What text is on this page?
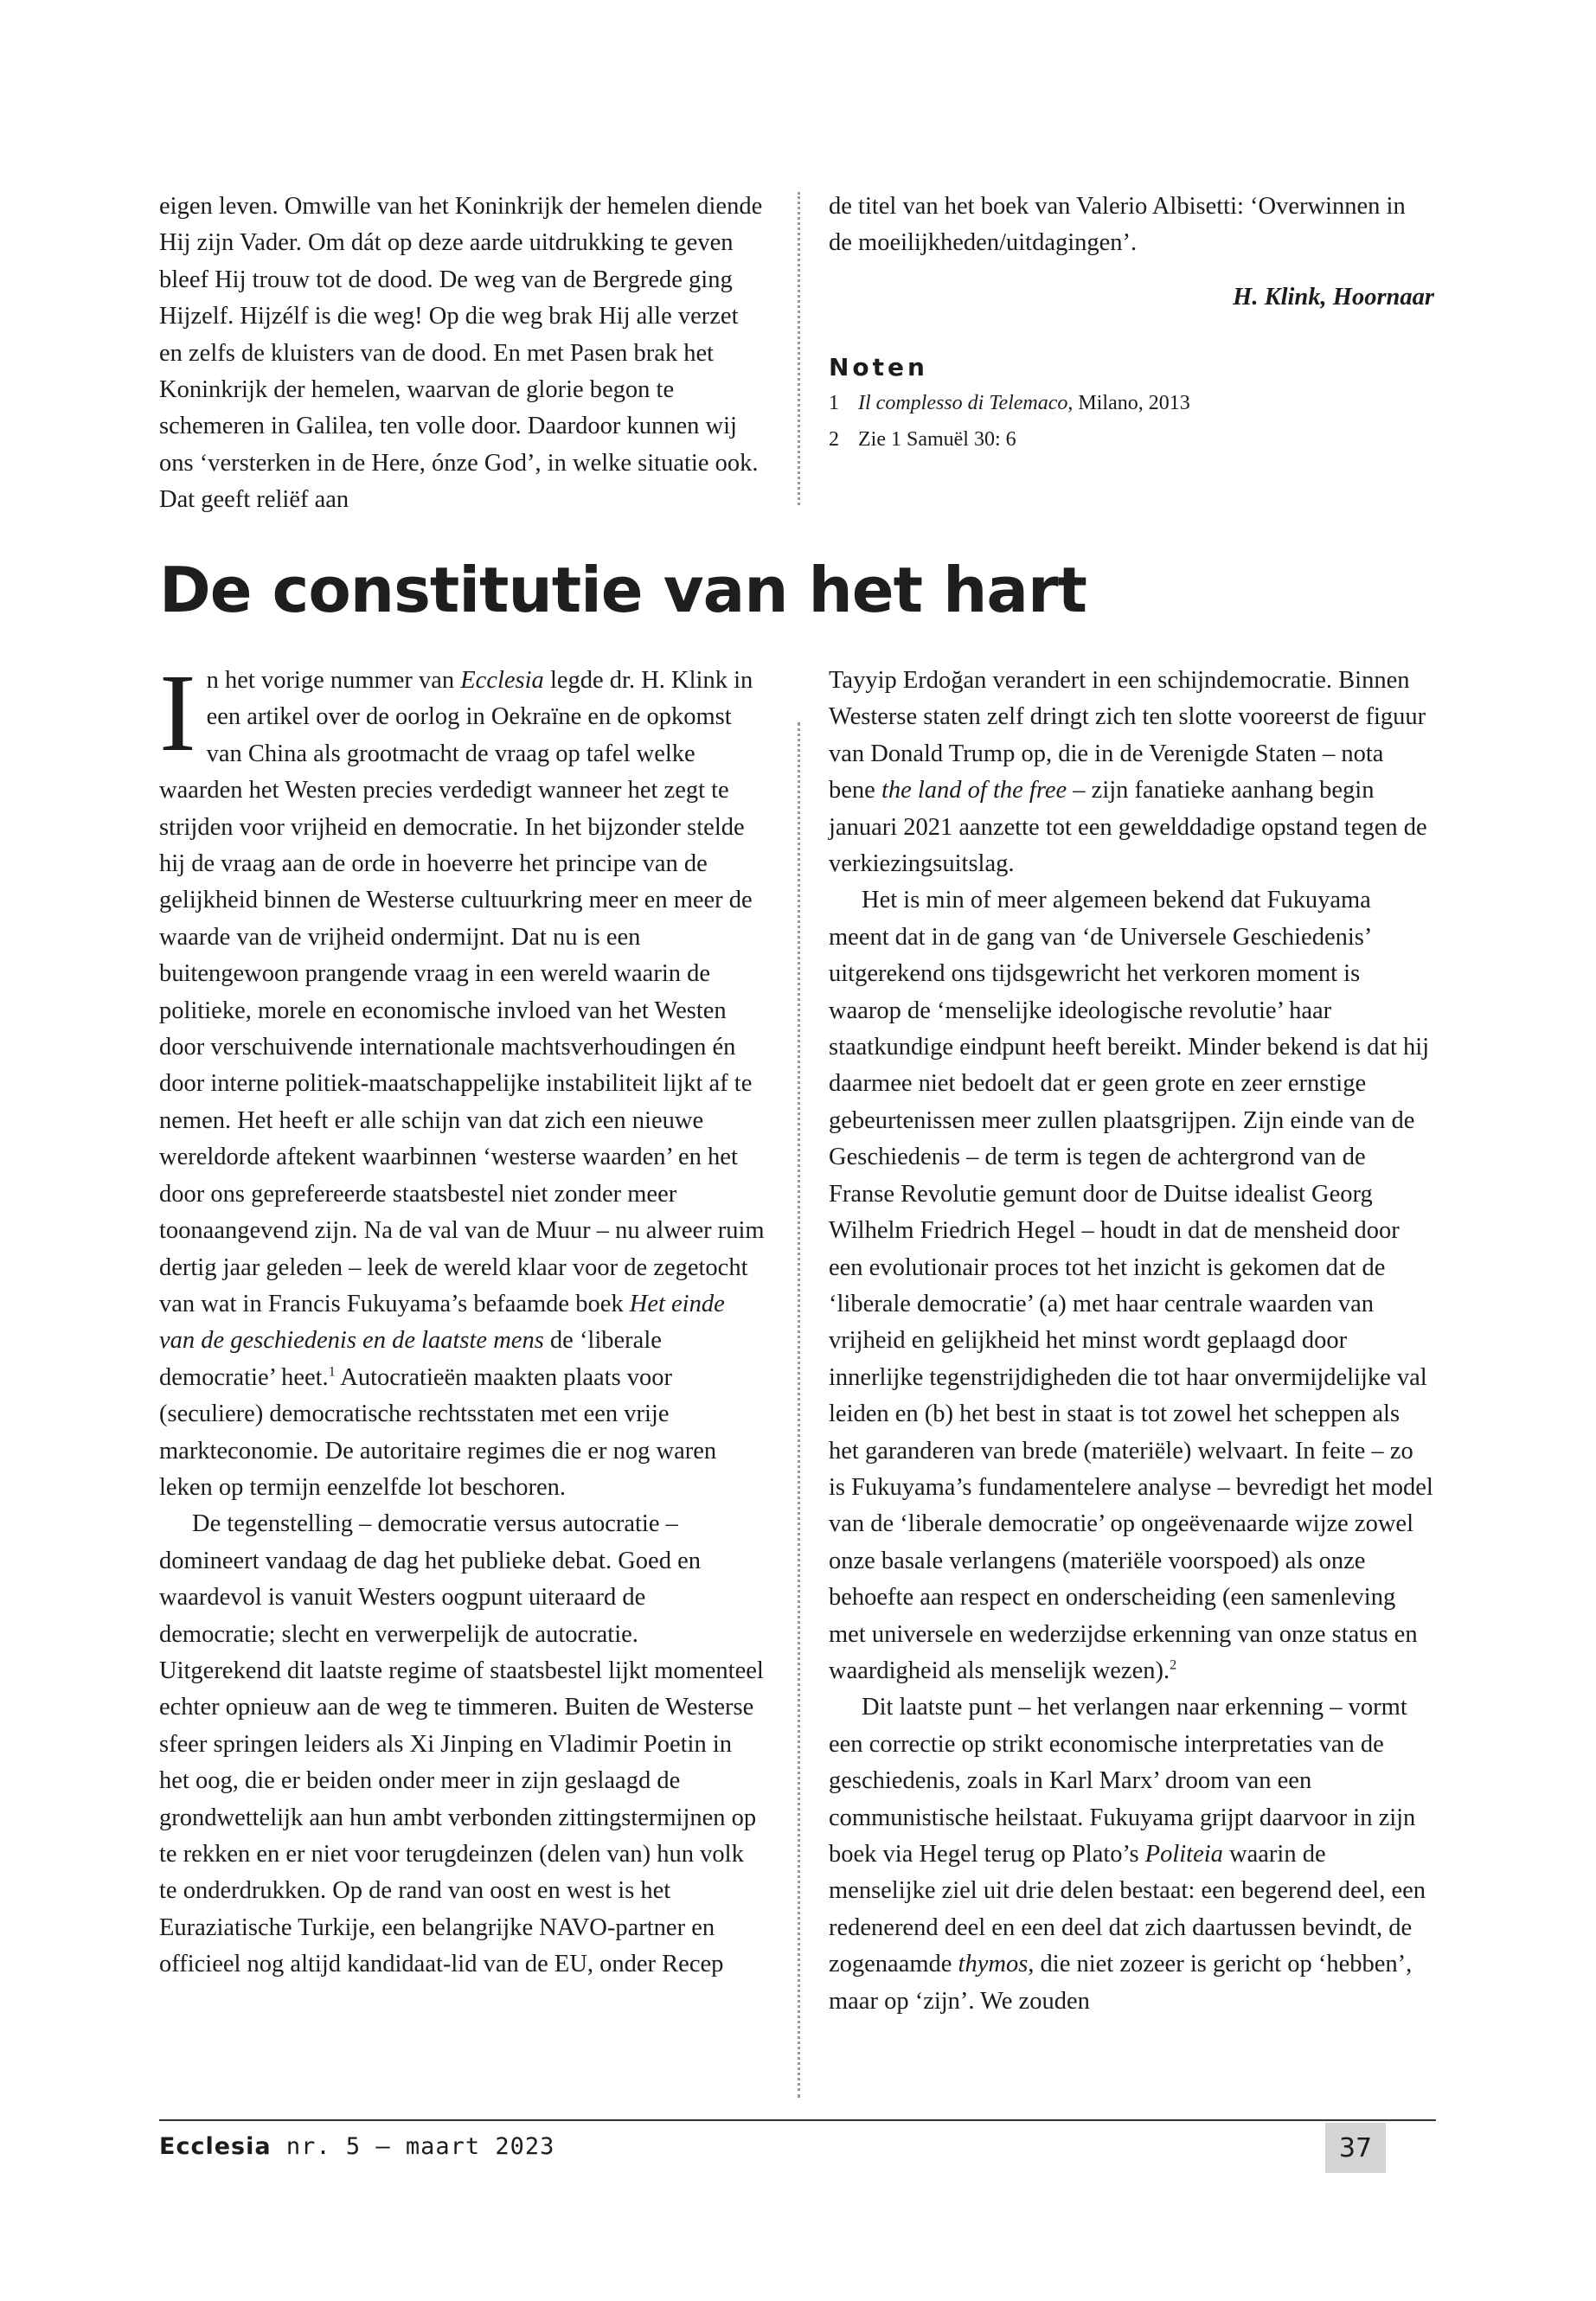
eigen leven. Omwille van het Koninkrijk der hemelen diende Hij zijn Vader. Om dát op deze aarde uitdrukking te geven bleef Hij trouw tot de dood. De weg van de Bergrede ging Hijzelf. Hijzélf is die weg! Op die weg brak Hij alle verzet en zelfs de kluisters van de dood. En met Pasen brak het Koninkrijk der hemelen, waarvan de glorie begon te schemeren in Galilea, ten volle door. Daardoor kunnen wij ons ‘versterken in de Here, ónze God’, in welke situatie ook. Dat geeft reliëf aan

de titel van het boek van Valerio Albisetti: ‘Overwinnen in de moeilijkheden/uitdagingen’.

H. Klink, Hoornaar
Noten
1 Il complesso di Telemaco, Milano, 2013
2 Zie 1 Samuël 30: 6
De constitutie van het hart

In het vorige nummer van Ecclesia legde dr. H. Klink in een artikel over de oorlog in Oekraïne en de opkomst van China als grootmacht de vraag op tafel welke waarden het Westen precies verdedigt wanneer het zegt te strijden voor vrijheid en democratie. In het bijzonder stelde hij de vraag aan de orde in hoeverre het principe van de gelijkheid binnen de Westerse cultuurkring meer en meer de waarde van de vrijheid ondermijnt. Dat nu is een buitengewoon prangende vraag in een wereld waarin de politieke, morele en economische invloed van het Westen door verschuivende internationale machtsverhoudingen én door interne politiek-maatschappelijke instabiliteit lijkt af te nemen. Het heeft er alle schijn van dat zich een nieuwe wereldorde aftekent waarbinnen ‘westerse waarden’ en het door ons geprefereerde staatsbestel niet zonder meer toonaangevend zijn. Na de val van de Muur – nu alweer ruim dertig jaar geleden – leek de wereld klaar voor de zegetocht van wat in Francis Fukuyama’s befaamde boek Het einde van de geschiedenis en de laatste mens de ‘liberale democratie’ heet.$^1$ Autocratieën maakten plaats voor (seculiere) democratische rechtsstaten met een vrije markteconomie. De autoritaire regimes die er nog waren leken op termijn eenzelfde lot beschoren.

De tegenstelling – democratie versus autocratie – domineert vandaag de dag het publieke debat. Goed en waardevol is vanuit Westers oogpunt uiteraard de democratie; slecht en verwerpelijk de autocratie. Uitgerekend dit laatste regime of staatsbestel lijkt momenteel echter opnieuw aan de weg te timmeren. Buiten de Westerse sfeer springen leiders als Xi Jinping en Vladimir Poetin in het oog, die er beiden onder meer in zijn geslaagd de grondwettelijk aan hun ambt verbonden zittingstermijnen op te rekken en er niet voor terugdeinzen (delen van) hun volk te onderdrukken. Op de rand van oost en west is het Euraziatische Turkije, een belangrijke NAVO-partner en officieel nog altijd kandidaat-lid van de EU, onder Recep

Tayyip Erdoğan verandert in een schijndemocratie. Binnen Westerse staten zelf dringt zich ten slotte vooreerst de figuur van Donald Trump op, die in de Verenigde Staten – nota bene the land of the free – zijn fanatieke aanhang begin januari 2021 aanzette tot een gewelddadige opstand tegen de verkiezingsuitslag.

Het is min of meer algemeen bekend dat Fukuyama meent dat in de gang van ‘de Universele Geschiedenis’ uitgerekend ons tijdsgewricht het verkoren moment is waarop de ‘menselijke ideologische revolutie’ haar staatkundige eindpunt heeft bereikt. Minder bekend is dat hij daarmee niet bedoelt dat er geen grote en zeer ernstige gebeurtenissen meer zullen plaatsgrijpen. Zijn einde van de Geschiedenis – de term is tegen de achtergrond van de Franse Revolutie gemunt door de Duitse idealist Georg Wilhelm Friedrich Hegel – houdt in dat de mensheid door een evolutionair proces tot het inzicht is gekomen dat de ‘liberale democratie’ (a) met haar centrale waarden van vrijheid en gelijkheid het minst wordt geplaagd door innerlijke tegenstrijdigheden die tot haar onvermijdelijke val leiden en (b) het best in staat is tot zowel het scheppen als het garanderen van brede (materiële) welvaart. In feite – zo is Fukuyama’s fundamentelere analyse – bevredigt het model van de ‘liberale democratie’ op ongeëvenaarde wijze zowel onze basale verlangens (materiële voorspoed) als onze behoefte aan respect en onderscheiding (een samenleving met universele en wederzijdse erkenning van onze status en waardigheid als menselijk wezen).$^2$

Dit laatste punt – het verlangen naar erkenning – vormt een correctie op strikt economische interpretaties van de geschiedenis, zoals in Karl Marx’ droom van een communistische heilstaat. Fukuyama grijpt daarvoor in zijn boek via Hegel terug op Plato’s Politeia waarin de menselijke ziel uit drie delen bestaat: een begerend deel, een redenerend deel en een deel dat zich daartussen bevindt, de zogenaamde thymos, die niet zozeer is gericht op ‘hebben’, maar op ‘zijn’. We zouden

Ecclesia nr. 5 – maart 2023	37
